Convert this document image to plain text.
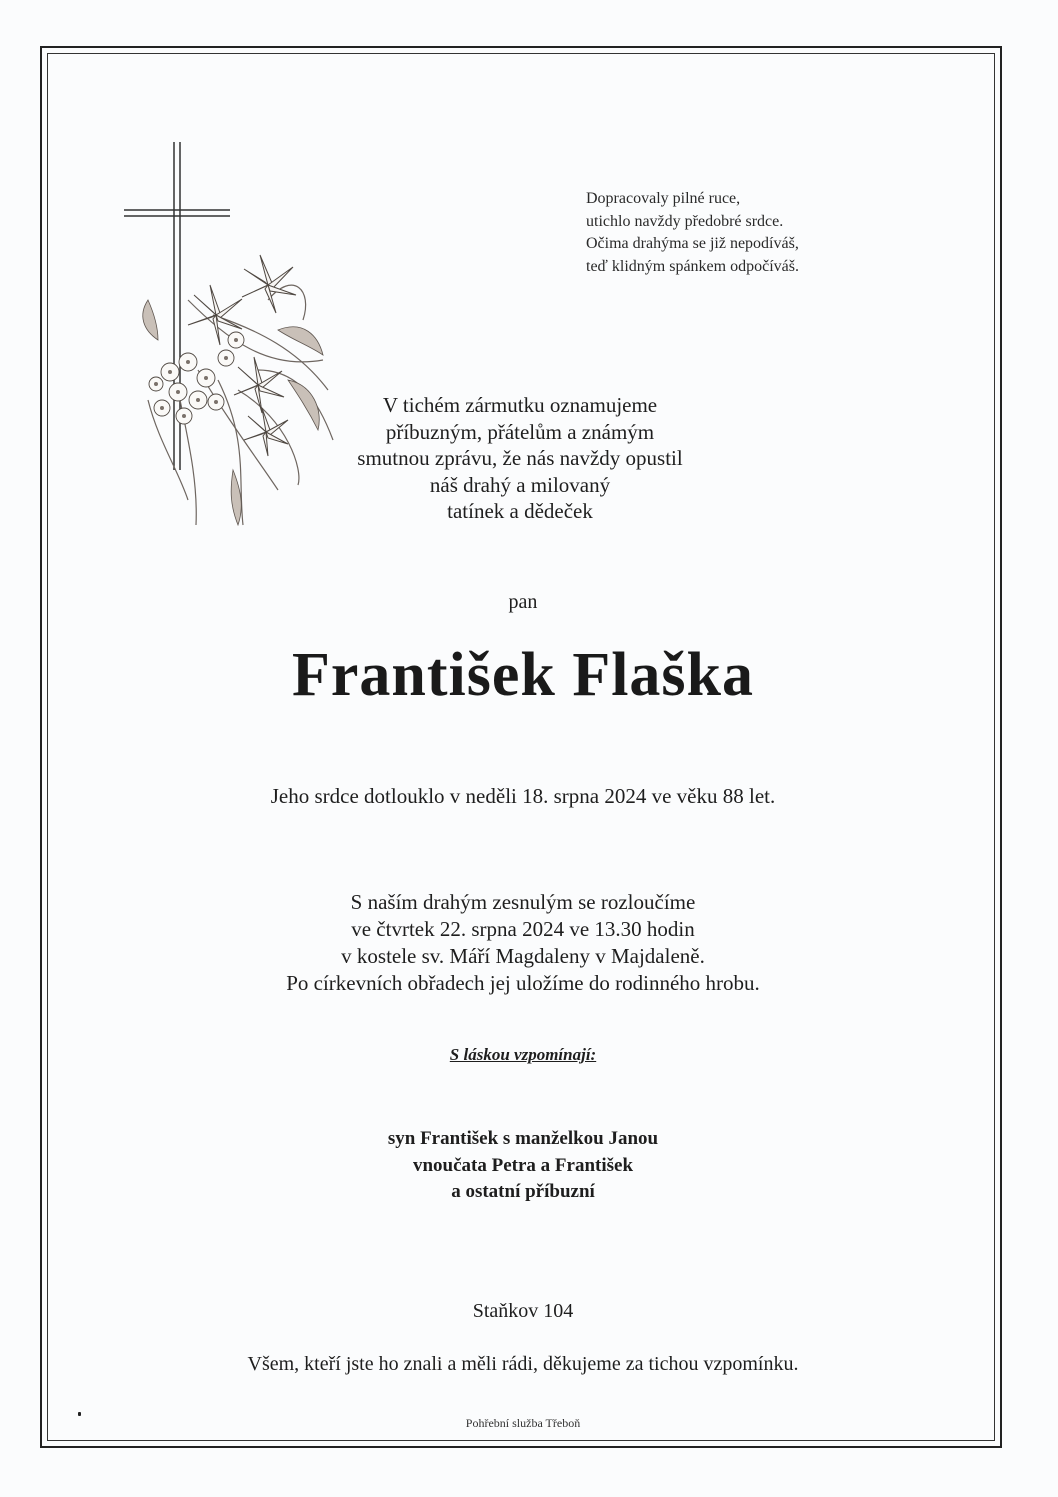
Dopracovaly pilné ruce,
utichlo navždy předobré srdce.
Očima drahýma se již nepodíváš,
teď klidným spánkem odpočíváš.
V tichém zármutku oznamujeme
příbuzným, přátelům a známým
smutnou zprávu, že nás navždy opustil
náš drahý a milovaný
tatínek a dědeček
pan
František Flaška
Jeho srdce dotlouklo v neděli 18. srpna 2024 ve věku 88 let.
S naším drahým zesnulým se rozloučíme
ve čtvrtek 22. srpna 2024 ve 13.30 hodin
v kostele sv. Máří Magdaleny v Majdaleně.
Po církevních obřadech jej uložíme do rodinného hrobu.
S láskou vzpomínají:
syn František s manželkou Janou
vnoučata Petra a František
a ostatní příbuzní
Staňkov 104
Všem, kteří jste ho znali a měli rádi, děkujeme za tichou vzpomínku.
Pohřební služba Třeboň
